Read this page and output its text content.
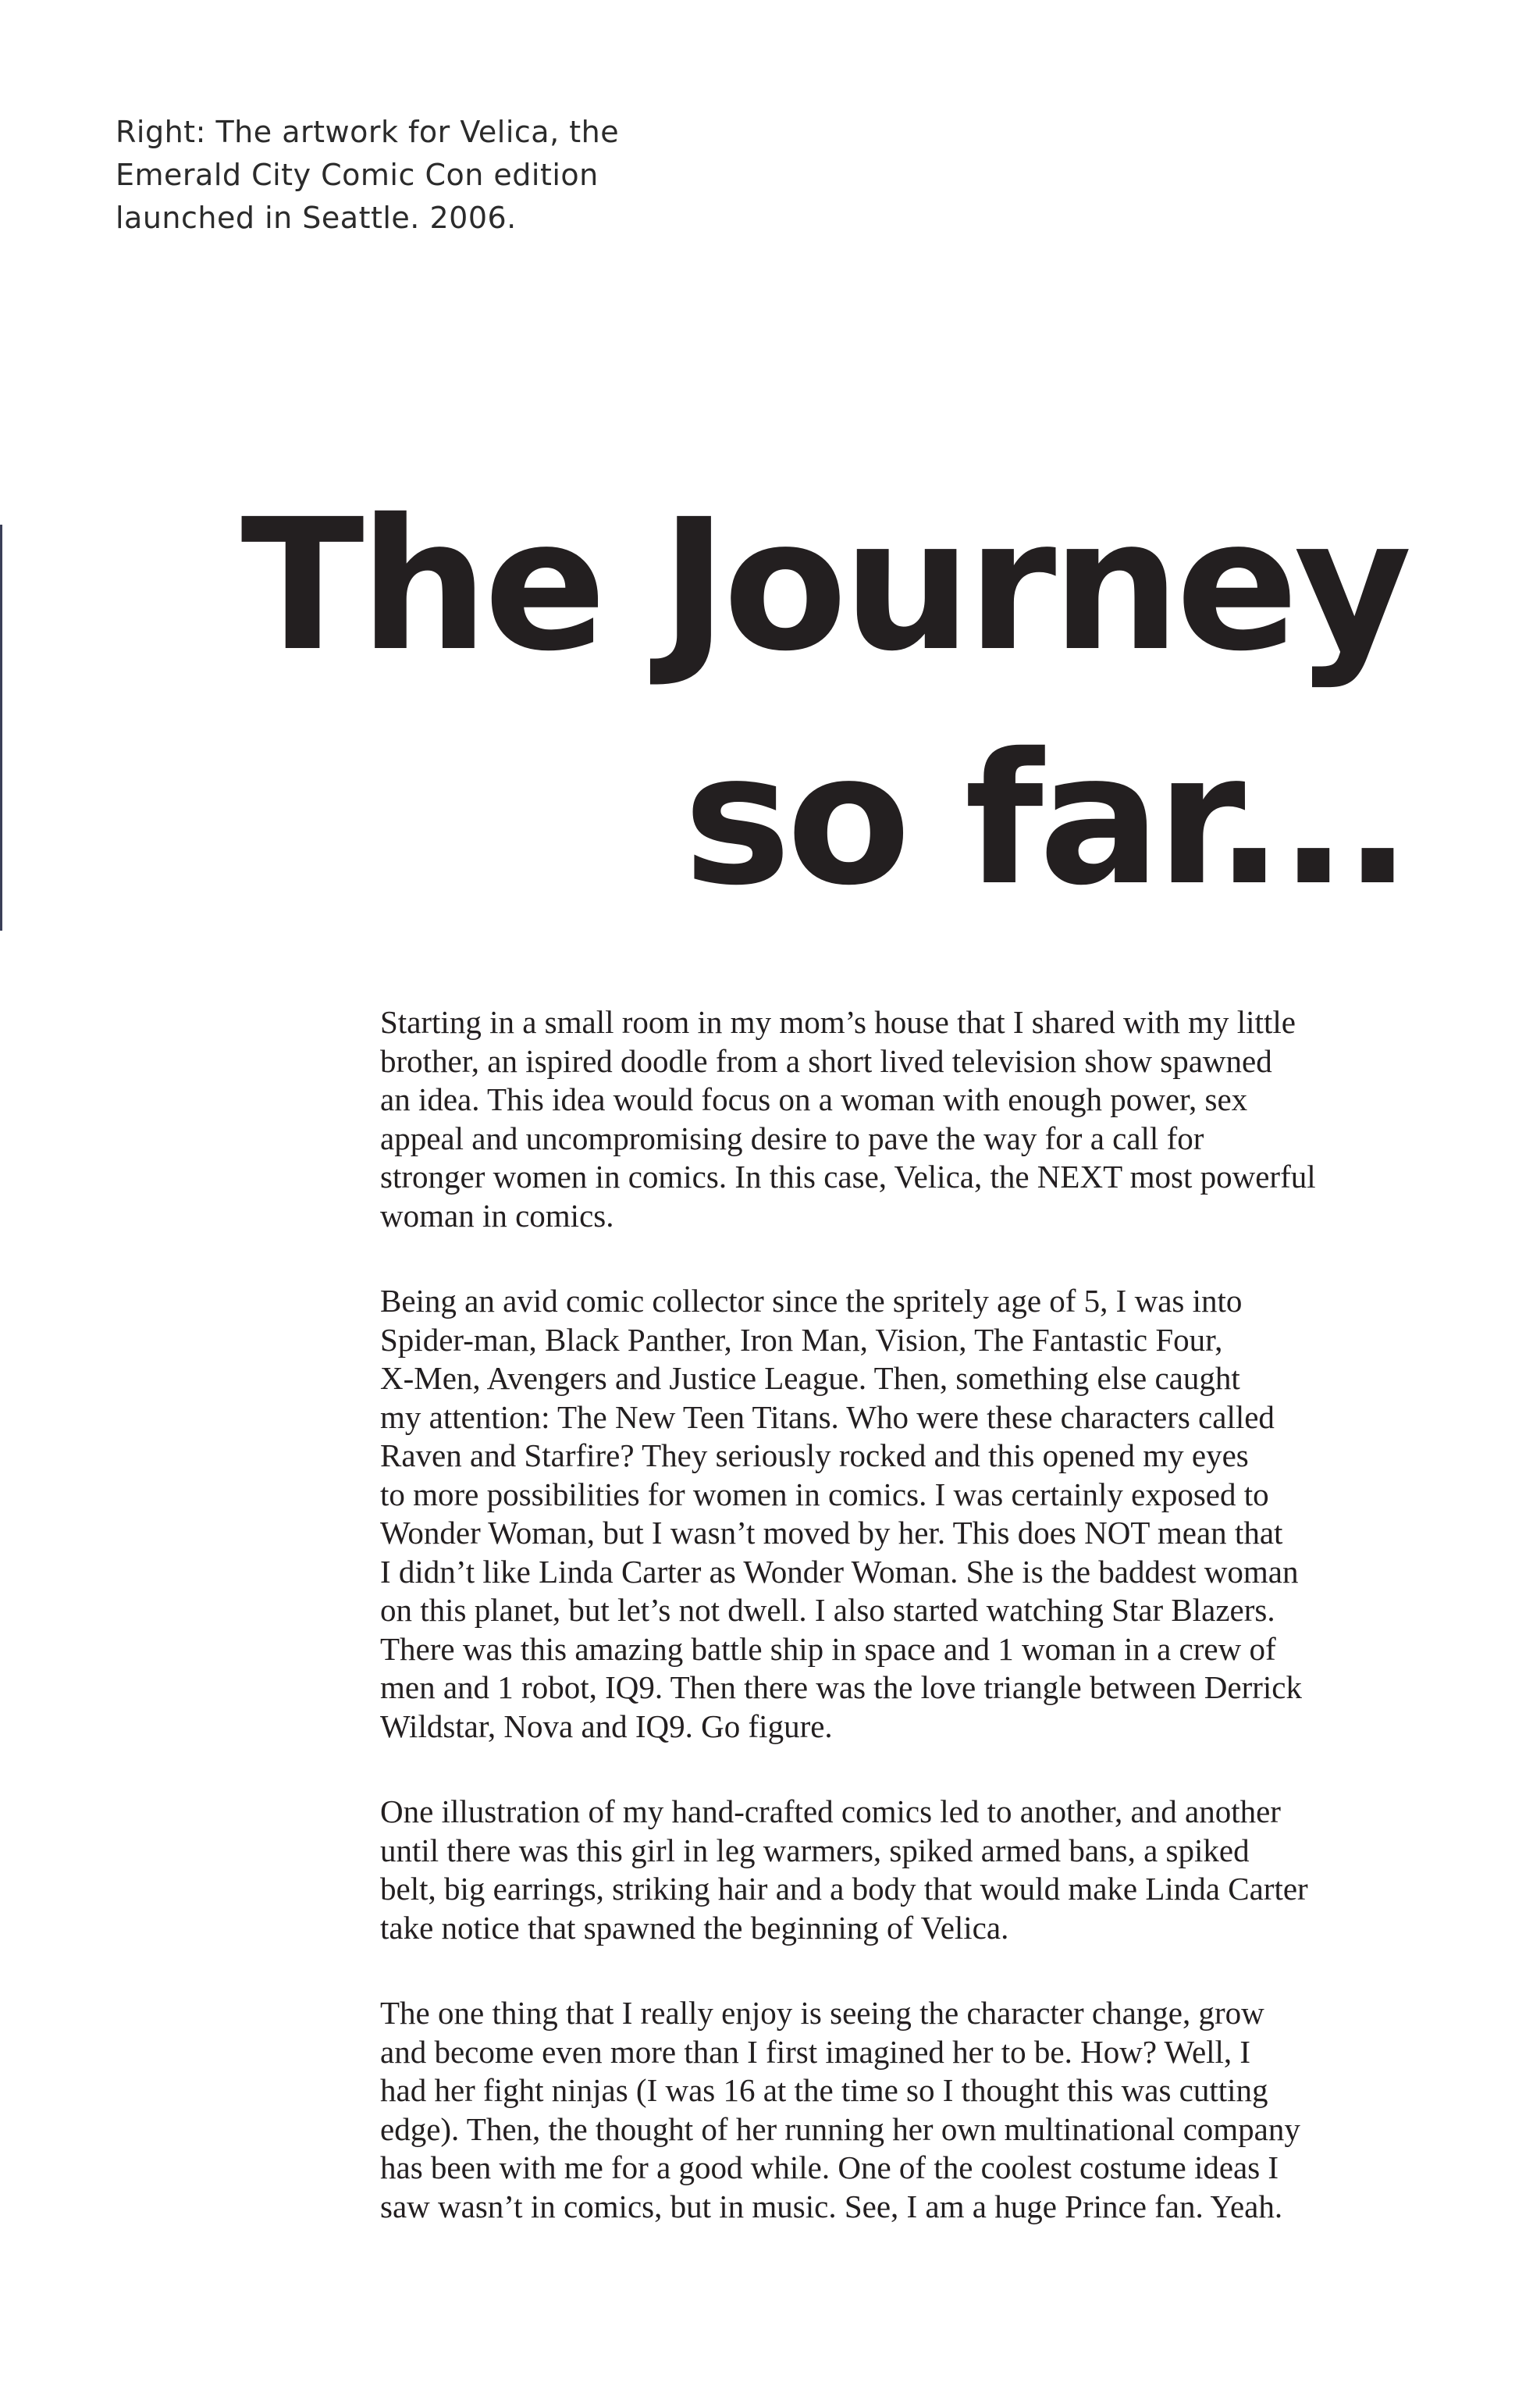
Right: The artwork for Velica, the
Emerald City Comic Con edition
launched in Seattle. 2006.
The Journey
so far...

Starting in a small room in my mom’s house that I shared with my little
brother, an ispired doodle from a short lived television show spawned
an idea. This idea would focus on a woman with enough power, sex
appeal and uncompromising desire to pave the way for a call for
stronger women in comics. In this case, Velica, the NEXT most powerful
woman in comics.

Being an avid comic collector since the spritely age of 5, I was into
Spider-man, Black Panther, Iron Man, Vision, The Fantastic Four,
X-Men, Avengers and Justice League. Then, something else caught
my attention: The New Teen Titans. Who were these characters called
Raven and Starfire? They seriously rocked and this opened my eyes
to more possibilities for women in comics. I was certainly exposed to
Wonder Woman, but I wasn’t moved by her. This does NOT mean that
I didn’t like Linda Carter as Wonder Woman. She is the baddest woman
on this planet, but let’s not dwell. I also started watching Star Blazers.
There was this amazing battle ship in space and 1 woman in a crew of
men and 1 robot, IQ9. Then there was the love triangle between Derrick
Wildstar, Nova and IQ9. Go figure.

One illustration of my hand-crafted comics led to another, and another
until there was this girl in leg warmers, spiked armed bans, a spiked
belt, big earrings, striking hair and a body that would make Linda Carter
take notice that spawned the beginning of Velica.

The one thing that I really enjoy is seeing the character change, grow
and become even more than I first imagined her to be. How? Well, I
had her fight ninjas (I was 16 at the time so I thought this was cutting
edge). Then, the thought of her running her own multinational company
has been with me for a good while. One of the coolest costume ideas I
saw wasn’t in comics, but in music. See, I am a huge Prince fan. Yeah.
